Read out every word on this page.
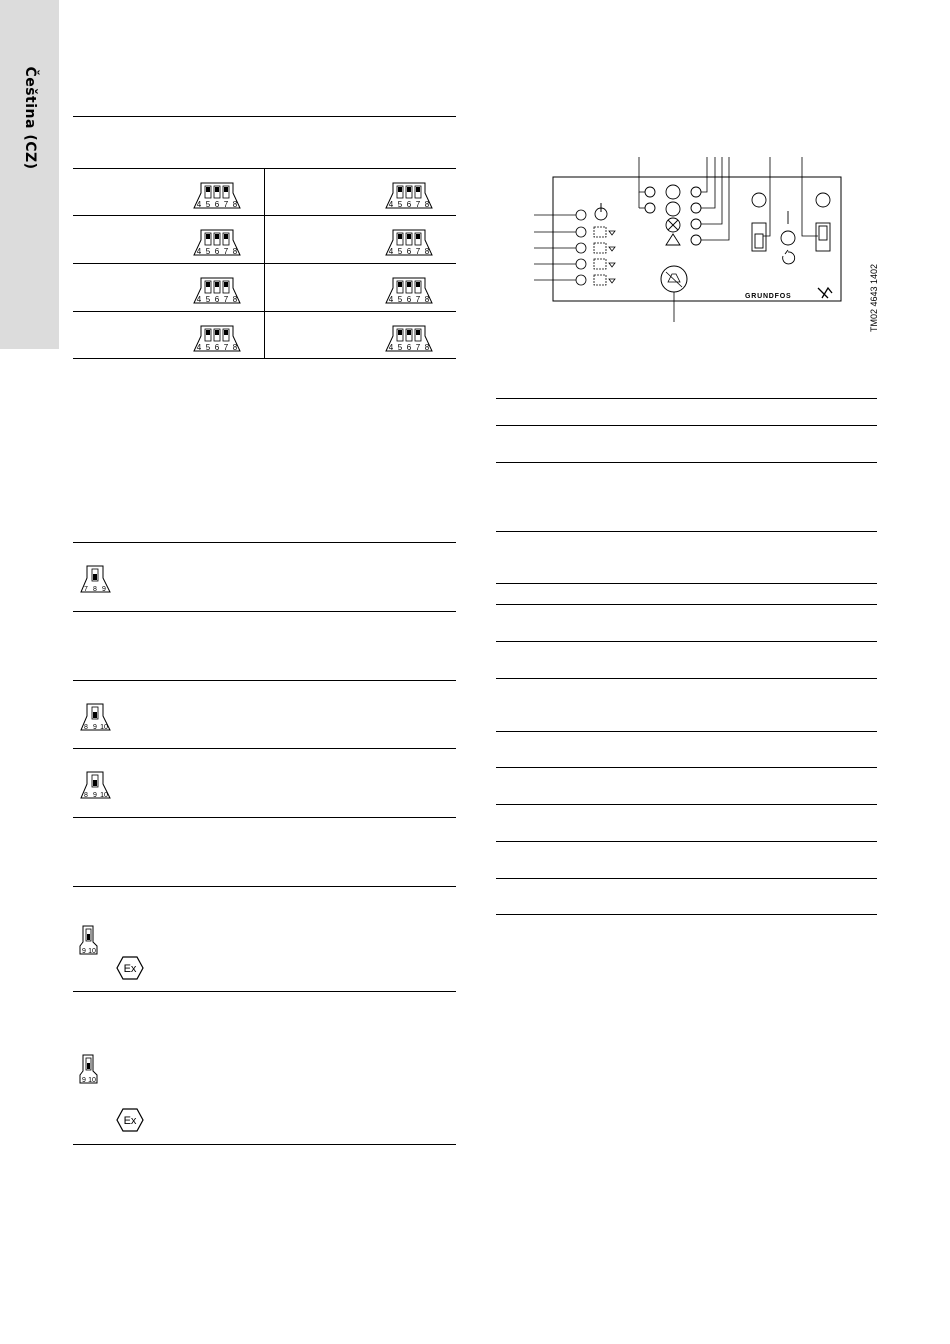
Čeština (CZ)
4 5 6 7 8	4 5 6 7 8
4 5 6 7 8	4 5 6 7 8
4 5 6 7 8	4 5 6 7 8
4 5 6 7 8	4 5 6 7 8
7 8 9
8 9 10
8 9 10
9 10
9 10
Ex
Ex
GRUNDFOS	TM02 4643 1402
